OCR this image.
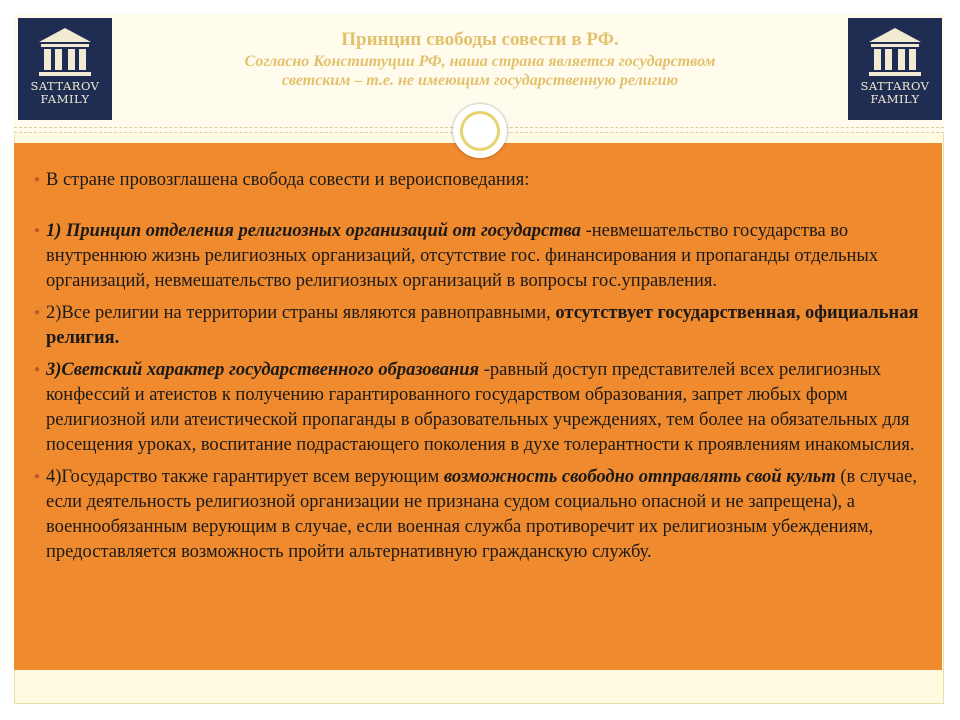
SATTAROV
FAMILY
SATTAROV
FAMILY
Принцип свободы совести в РФ.
Согласно Конституции РФ, наша страна является государством
светским – т.е. не имеющим государственную религию

● В стране провозглашена свобода совести и вероисповедания:

● 1) Принцип отделения религиозных организаций от государства -невмешательство государства во внутреннюю жизнь религиозных организаций, отсутствие гос. финансирования и пропаганды отдельных организаций, невмешательство религиозных организаций в вопросы гос.управления.

● 2)Все религии на территории страны являются равноправными, отсутствует государственная, официальная религия.

● 3)Светский характер государственного образования -равный доступ представителей всех религиозных конфессий и атеистов к получению гарантированного государством образования, запрет любых форм религиозной или атеистической пропаганды в образовательных учреждениях, тем более на обязательных для посещения уроках, воспитание подрастающего поколения в духе толерантности к проявлениям инакомыслия.

● 4)Государство также гарантирует всем верующим возможность свободно отправлять свой культ (в случае, если деятельность религиозной организации не признана судом социально опасной и не запрещена), а военнообязанным верующим в случае, если военная служба противоречит их религиозным убеждениям, предоставляется возможность пройти альтернативную гражданскую службу.
